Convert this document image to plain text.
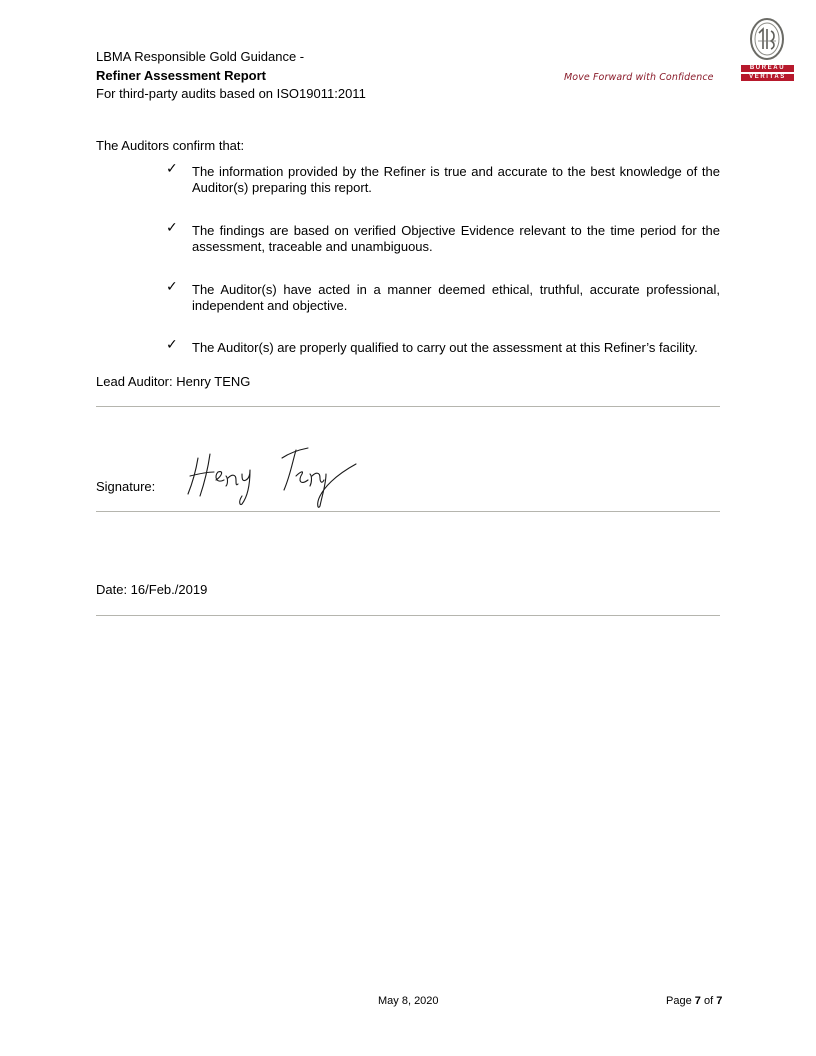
LBMA Responsible Gold Guidance -
Refiner Assessment Report
For third-party audits based on ISO19011:2011
Move Forward with Confidence
BUREAU
VERITAS
The Auditors confirm that:
✓ The information provided by the Refiner is true and accurate to the best knowledge of the Auditor(s) preparing this report.
✓ The findings are based on verified Objective Evidence relevant to the time period for the assessment, traceable and unambiguous.
✓ The Auditor(s) have acted in a manner deemed ethical, truthful, accurate professional, independent and objective.
✓ The Auditor(s) are properly qualified to carry out the assessment at this Refiner’s facility.
Lead Auditor: Henry TENG
Signature:
Date: 16/Feb./2019
May 8, 2020	Page 7 of 7
